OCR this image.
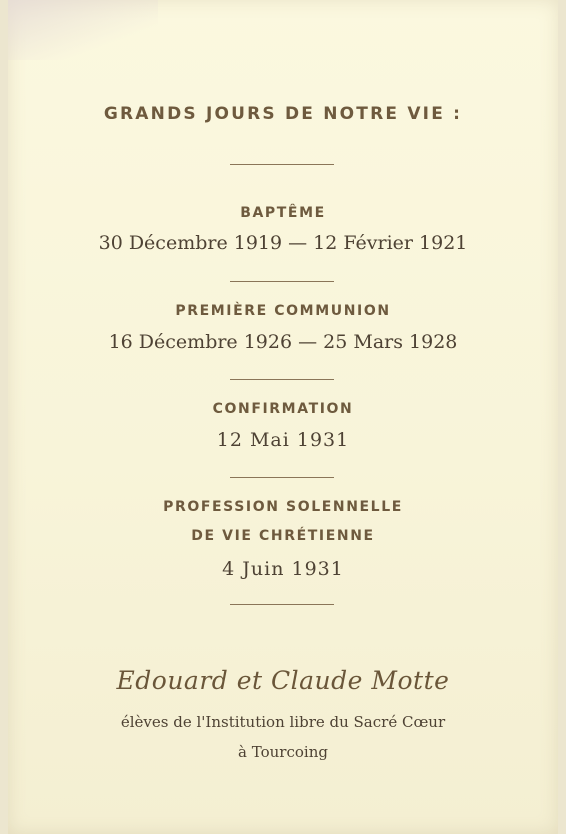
GRANDS JOURS DE NOTRE VIE :
BAPTÊME
30 Décembre 1919 — 12 Février 1921
PREMIÈRE COMMUNION
16 Décembre 1926 — 25 Mars 1928
CONFIRMATION
12 Mai 1931
PROFESSION SOLENNELLE
DE VIE CHRÉTIENNE
4 Juin 1931
Edouard et Claude Motte
élèves de l'Institution libre du Sacré Cœur
à Tourcoing
